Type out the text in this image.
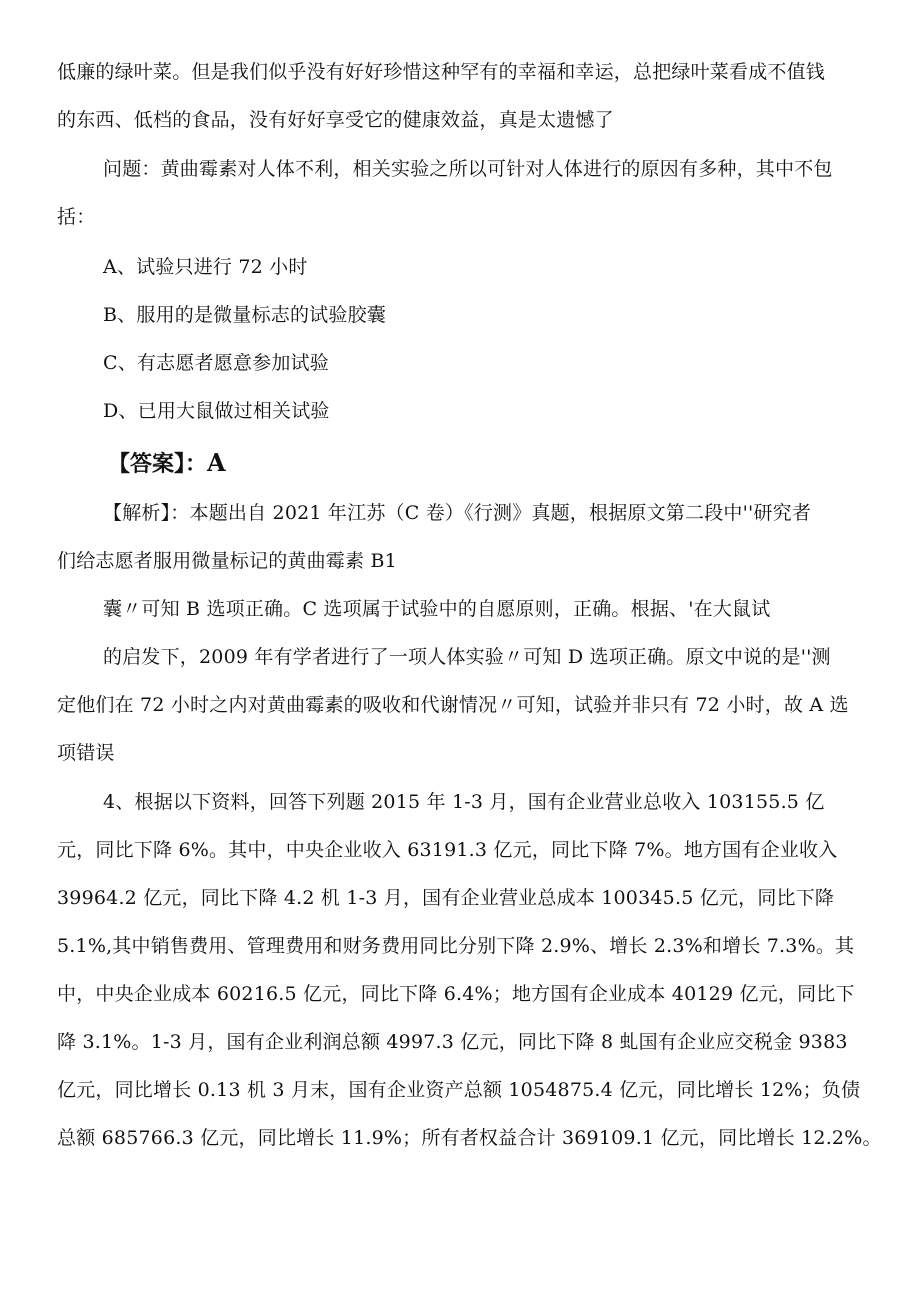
低廉的绿叶菜。但是我们似乎没有好好珍惜这种罕有的幸福和幸运，总把绿叶菜看成不值钱
的东西、低档的食品，没有好好享受它的健康效益，真是太遗憾了
问题：黄曲霉素对人体不利，相关实验之所以可针对人体进行的原因有多种，其中不包
括：
A、试验只进行 72 小时
B、服用的是微量标志的试验胶囊
C、有志愿者愿意参加试验
D、已用大鼠做过相关试验
【答案】：A
【解析】：本题出自 2021 年江苏（C 卷）《行测》真题，根据原文第二段中''研究者
们给志愿者服用微量标记的黄曲霉素 B1
囊〃可知 B 选项正确。C 选项属于试验中的自愿原则，正确。根据、'在大鼠试
的启发下，2009 年有学者进行了一项人体实验〃可知 D 选项正确。原文中说的是''测
定他们在 72 小时之内对黄曲霉素的吸收和代谢情况〃可知，试验并非只有 72 小时，故 A 选
项错误
4、根据以下资料，回答下列题 2015 年 1-3 月，国有企业营业总收入 103155.5 亿
元，同比下降 6%。其中，中央企业收入 63191.3 亿元，同比下降 7%。地方国有企业收入
39964.2 亿元，同比下降 4.2 机 1-3 月，国有企业营业总成本 100345.5 亿元，同比下降
5.1%,其中销售费用、管理费用和财务费用同比分别下降 2.9%、增长 2.3%和增长 7.3%。其
中，中央企业成本 60216.5 亿元，同比下降 6.4%；地方国有企业成本 40129 亿元，同比下
降 3.1%。1-3 月，国有企业利润总额 4997.3 亿元，同比下降 8 虬国有企业应交税金 9383
亿元，同比增长 0.13 机 3 月末，国有企业资产总额 1054875.4 亿元，同比增长 12%；负债
总额 685766.3 亿元，同比增长 11.9%；所有者权益合计 369109.1 亿元，同比增长 12.2%。
